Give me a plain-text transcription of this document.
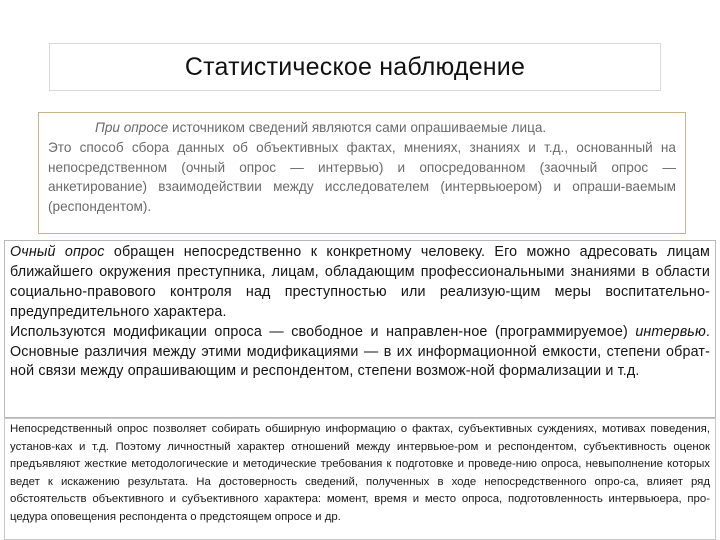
Статистическое наблюдение
При опросе источником сведений являются сами опрашиваемые лица.
Это способ сбора данных об объективных фактах, мнениях, знаниях и т.д., основанный на непосредственном (очный опрос — интервью) и опосредованном (заочный опрос — анкетирование) взаимодействии между исследователем (интервьюером) и опраши-ваемым (респондентом).

Очный опрос обращен непосредственно к конкретному человеку. Его можно адресовать лицам ближайшего окружения преступника, лицам, обладающим профессиональными знаниями в области социально-правового контроля над преступностью или реализую-щим меры воспитательно-предупредительного характера.

Используются модификации опроса — свободное и направлен-ное (программируемое) интервью. Основные различия между этими модификациями — в их информационной емкости, степени обрат-ной связи между опрашивающим и респондентом, степени возмож-ной формализации и т.д.

Непосредственный опрос позволяет собирать обширную информацию о фактах, субъективных суждениях, мотивах поведения, установ-ках и т.д. Поэтому личностный характер отношений между интервьюе-ром и респондентом, субъективность оценок предъявляют жесткие методологические и методические требования к подготовке и проведе-нию опроса, невыполнение которых ведет к искажению результата. На достоверность сведений, полученных в ходе непосредственного опро-са, влияет ряд обстоятельств объективного и субъективного характера: момент, время и место опроса, подготовленность интервьюера, про-цедура оповещения респондента о предстоящем опросе и др.
